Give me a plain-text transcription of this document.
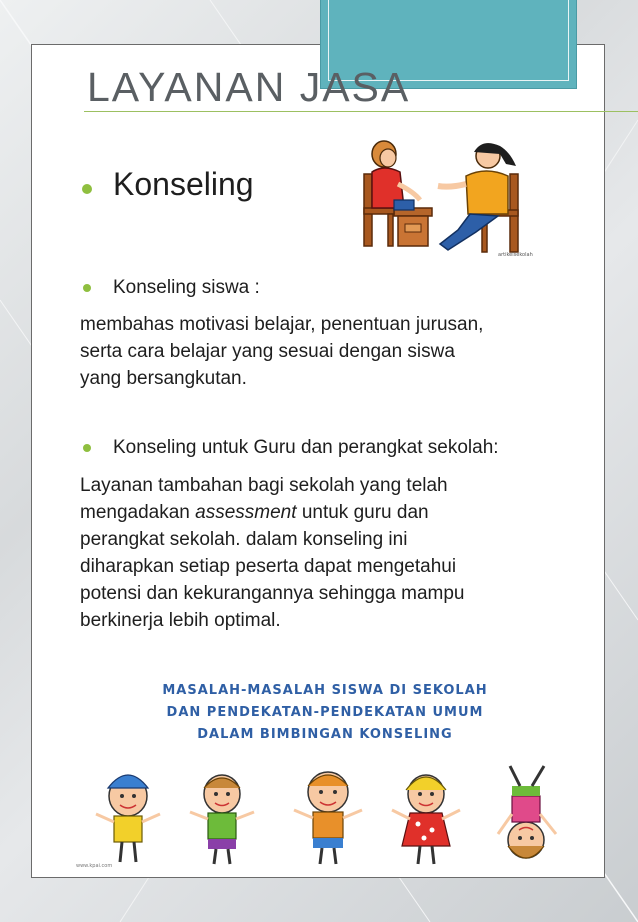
LAYANAN JASA
Konseling
artikelsekolah
Konseling siswa :
membahas motivasi belajar, penentuan jurusan,
serta cara belajar yang sesuai dengan siswa
yang bersangkutan.
Konseling untuk Guru dan perangkat sekolah:
Layanan tambahan bagi sekolah yang telah
mengadakan assessment untuk guru dan
perangkat sekolah. dalam konseling ini
diharapkan setiap peserta dapat mengetahui
potensi dan kekurangannya sehingga mampu
berkinerja lebih optimal.
MASALAH-MASALAH SISWA DI SEKOLAH
DAN PENDEKATAN-PENDEKATAN UMUM
DALAM BIMBINGAN KONSELING
www.kpai.com
